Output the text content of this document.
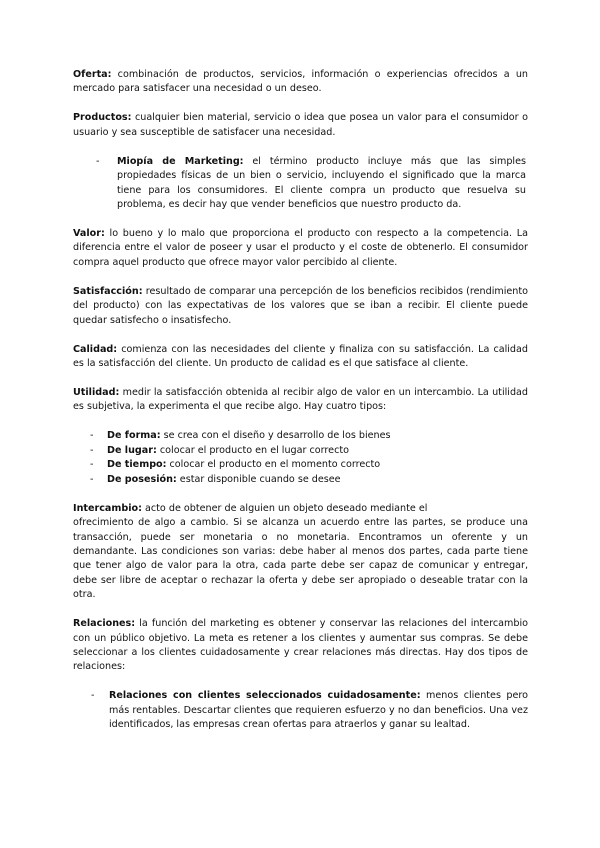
Oferta: combinación de productos, servicios, información o experiencias ofrecidos a un mercado para satisfacer una necesidad o un deseo.

Productos: cualquier bien material, servicio o idea que posea un valor para el consumidor o usuario y sea susceptible de satisfacer una necesidad.

- Miopía de Marketing: el término producto incluye más que las simples propiedades físicas de un bien o servicio, incluyendo el significado que la marca tiene para los consumidores. El cliente compra un producto que resuelva su problema, es decir hay que vender beneficios que nuestro producto da.

Valor: lo bueno y lo malo que proporciona el producto con respecto a la competencia. La diferencia entre el valor de poseer y usar el producto y el coste de obtenerlo. El consumidor compra aquel producto que ofrece mayor valor percibido al cliente.

Satisfacción: resultado de comparar una percepción de los beneficios recibidos (rendimiento del producto) con las expectativas de los valores que se iban a recibir. El cliente puede quedar satisfecho o insatisfecho.

Calidad: comienza con las necesidades del cliente y finaliza con su satisfacción. La calidad es la satisfacción del cliente. Un producto de calidad es el que satisface al cliente.

Utilidad: medir la satisfacción obtenida al recibir algo de valor en un intercambio. La utilidad es subjetiva, la experimenta el que recibe algo. Hay cuatro tipos:

- De forma: se crea con el diseño y desarrollo de los bienes
- De lugar: colocar el producto en el lugar correcto
- De tiempo: colocar el producto en el momento correcto
- De posesión: estar disponible cuando se desee

Intercambio: acto de obtener de alguien un objeto deseado mediante el

ofrecimiento de algo a cambio. Si se alcanza un acuerdo entre las partes, se produce una transacción, puede ser monetaria o no monetaria. Encontramos un oferente y un demandante. Las condiciones son varias: debe haber al menos dos partes, cada parte tiene que tener algo de valor para la otra, cada parte debe ser capaz de comunicar y entregar, debe ser libre de aceptar o rechazar la oferta y debe ser apropiado o deseable tratar con la otra.

Relaciones: la función del marketing es obtener y conservar las relaciones del intercambio con un público objetivo. La meta es retener a los clientes y aumentar sus compras. Se debe seleccionar a los clientes cuidadosamente y crear relaciones más directas. Hay dos tipos de relaciones:

- Relaciones con clientes seleccionados cuidadosamente: menos clientes pero más rentables. Descartar clientes que requieren esfuerzo y no dan beneficios. Una vez identificados, las empresas crean ofertas para atraerlos y ganar su lealtad.
